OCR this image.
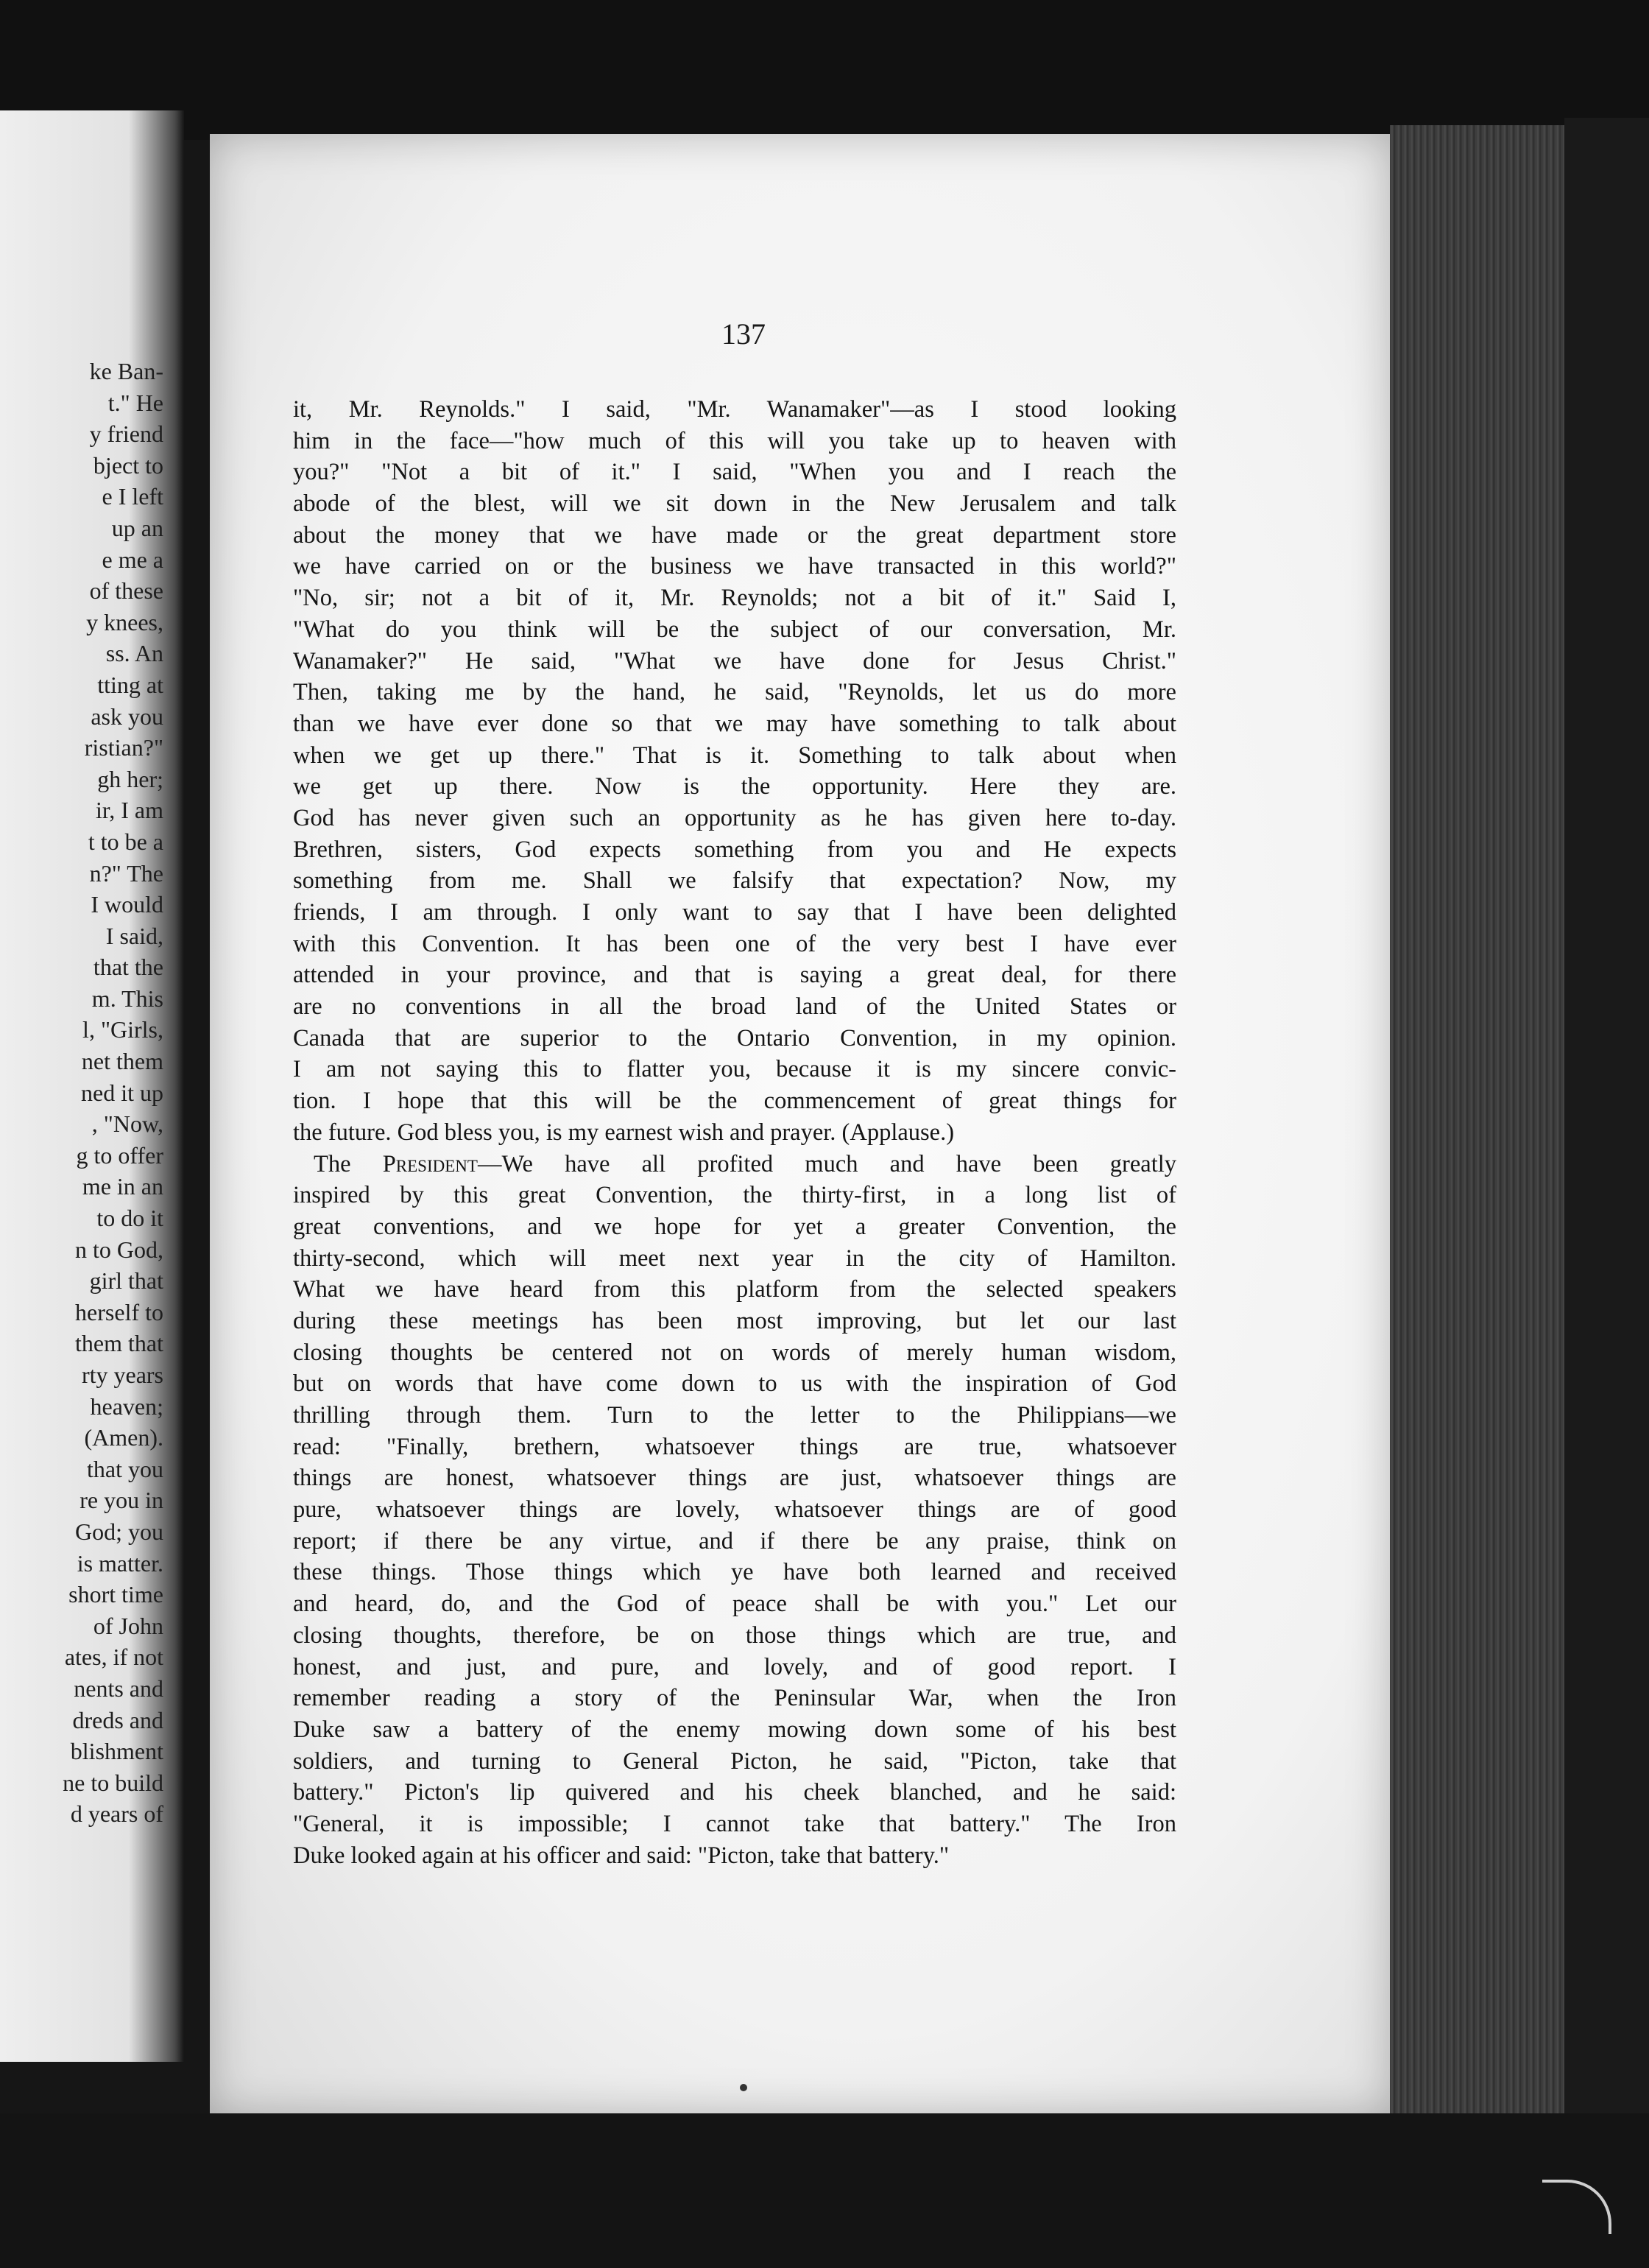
ke Ban-
t." He
y friend
bject to
e I left
up an
e me a
of these
y knees,
ss. An
tting at
ask you
ristian?"
gh her;
ir, I am
t to be a
n?" The
I would
I said,
that the
m. This
l, "Girls,
net them
ned it up
, "Now,
g to offer
me in an
to do it
n to God,
girl that
herself to
them that
rty years
heaven;
(Amen).
that you
re you in
God; you
is matter.
short time
of John
ates, if not
nents and
dreds and
blishment
ne to build
d years of
137
it, Mr. Reynolds." I said, "Mr. Wanamaker"—as I stood looking
him in the face—"how much of this will you take up to heaven with
you?" "Not a bit of it." I said, "When you and I reach the
abode of the blest, will we sit down in the New Jerusalem and talk
about the money that we have made or the great department store
we have carried on or the business we have transacted in this world?"
"No, sir; not a bit of it, Mr. Reynolds; not a bit of it." Said I,
"What do you think will be the subject of our conversation, Mr.
Wanamaker?" He said, "What we have done for Jesus Christ."
Then, taking me by the hand, he said, "Reynolds, let us do more
than we have ever done so that we may have something to talk about
when we get up there." That is it. Something to talk about when
we get up there. Now is the opportunity. Here they are.
God has never given such an opportunity as he has given here to-day.
Brethren, sisters, God expects something from you and He expects
something from me. Shall we falsify that expectation? Now, my
friends, I am through. I only want to say that I have been delighted
with this Convention. It has been one of the very best I have ever
attended in your province, and that is saying a great deal, for there
are no conventions in all the broad land of the United States or
Canada that are superior to the Ontario Convention, in my opinion.
I am not saying this to flatter you, because it is my sincere convic-
tion. I hope that this will be the commencement of great things for
the future. God bless you, is my earnest wish and prayer. (Applause.)
The President—We have all profited much and have been greatly
inspired by this great Convention, the thirty-first, in a long list of
great conventions, and we hope for yet a greater Convention, the
thirty-second, which will meet next year in the city of Hamilton.
What we have heard from this platform from the selected speakers
during these meetings has been most improving, but let our last
closing thoughts be centered not on words of merely human wisdom,
but on words that have come down to us with the inspiration of God
thrilling through them. Turn to the letter to the Philippians—we
read: "Finally, brethern, whatsoever things are true, whatsoever
things are honest, whatsoever things are just, whatsoever things are
pure, whatsoever things are lovely, whatsoever things are of good
report; if there be any virtue, and if there be any praise, think on
these things. Those things which ye have both learned and received
and heard, do, and the God of peace shall be with you." Let our
closing thoughts, therefore, be on those things which are true, and
honest, and just, and pure, and lovely, and of good report. I
remember reading a story of the Peninsular War, when the Iron
Duke saw a battery of the enemy mowing down some of his best
soldiers, and turning to General Picton, he said, "Picton, take that
battery." Picton's lip quivered and his cheek blanched, and he said:
"General, it is impossible; I cannot take that battery." The Iron
Duke looked again at his officer and said: "Picton, take that battery."
